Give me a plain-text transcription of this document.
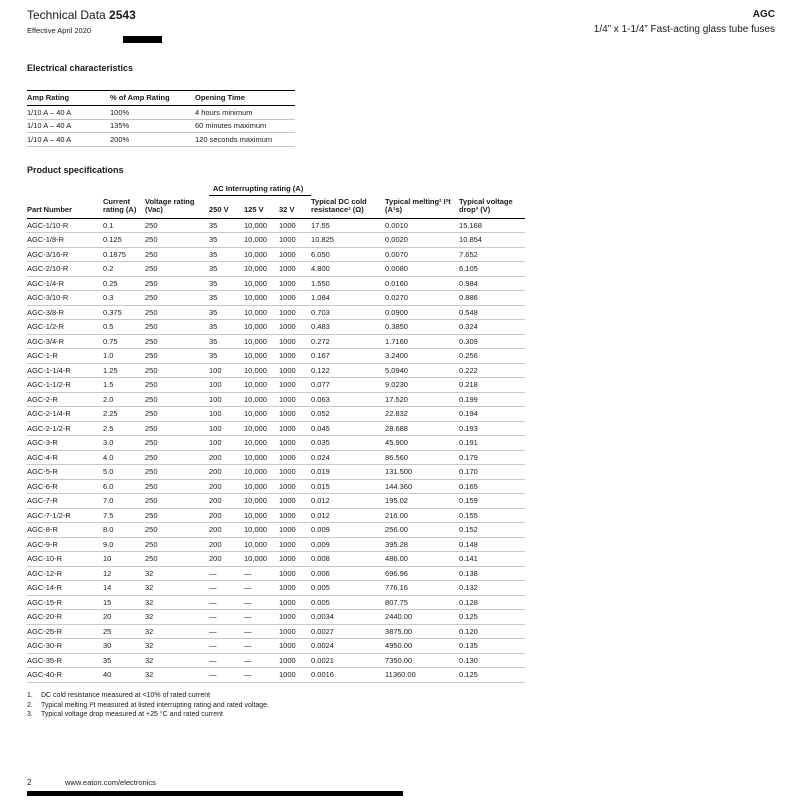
Technical Data 2543
Effective April 2020
AGC
1/4” x 1-1/4” Fast-acting glass tube fuses
Electrical characteristics
Amp Rating	% of Amp Rating	Opening Time
1/10 A – 40 A	100%	4 hours minimum
1/10 A – 40 A	135%	60 minutes maximum
1/10 A – 40 A	200%	120 seconds maximum
Product specifications
			AC Interrupting rating (A)					
Part Number	Current rating (A)	Voltage rating (Vac)	250 V	125 V	32 V	Typical DC cold resistance¹ (Ω)	Typical melting² I²t (A²s)	Typical voltage drop³ (V)
AGC-1/10-R	0.1	250	35	10,000	1000	17.55	0.0010	15.168
AGC-1/8-R	0.125	250	35	10,000	1000	10.825	0.0020	10.854
AGC-3/16-R	0.1875	250	35	10,000	1000	6.050	0.0070	7.652
AGC-2/10-R	0.2	250	35	10,000	1000	4.800	0.0080	6.105
AGC-1/4-R	0.25	250	35	10,000	1000	1.550	0.0160	0.984
AGC-3/10-R	0.3	250	35	10,000	1000	1.084	0.0270	0.886
AGC-3/8-R	0.375	250	35	10,000	1000	0.703	0.0900	0.548
AGC-1/2-R	0.5	250	35	10,000	1000	0.483	0.3850	0.324
AGC-3/4-R	0.75	250	35	10,000	1000	0.272	1.7160	0.309
AGC-1-R	1.0	250	35	10,000	1000	0.167	3.2400	0.256
AGC-1-1/4-R	1.25	250	100	10,000	1000	0.122	5.0940	0.222
AGC-1-1/2-R	1.5	250	100	10,000	1000	0.077	9.0230	0.218
AGC-2-R	2.0	250	100	10,000	1000	0.063	17.520	0.199
AGC-2-1/4-R	2.25	250	100	10,000	1000	0.052	22.832	0.194
AGC-2-1/2-R	2.5	250	100	10,000	1000	0.045	28.688	0.193
AGC-3-R	3.0	250	100	10,000	1000	0.035	45.900	0.191
AGC-4-R	4.0	250	200	10,000	1000	0.024	86.560	0.179
AGC-5-R	5.0	250	200	10,000	1000	0.019	131.500	0.170
AGC-6-R	6.0	250	200	10,000	1000	0.015	144.360	0.165
AGC-7-R	7.0	250	200	10,000	1000	0.012	195.02	0.159
AGC-7-1/2-R	7.5	250	200	10,000	1000	0.012	216.00	0.155
AGC-8-R	8.0	250	200	10,000	1000	0.009	256.00	0.152
AGC-9-R	9.0	250	200	10,000	1000	0.009	395.28	0.148
AGC-10-R	10	250	200	10,000	1000	0.008	486.00	0.141
AGC-12-R	12	32	—	—	1000	0.006	696.96	0.138
AGC-14-R	14	32	—	—	1000	0.005	776.16	0.132
AGC-15-R	15	32	—	—	1000	0.005	807.75	0.128
AGC-20-R	20	32	—	—	1000	0.0034	2440.00	0.125
AGC-25-R	25	32	—	—	1000	0.0027	3875.00	0.120
AGC-30-R	30	32	—	—	1000	0.0024	4950.00	0.135
AGC-35-R	35	32	—	—	1000	0.0021	7350.00	0.130
AGC-40-R	40	32	—	—	1000	0.0016	11360.00	0.125
1.	DC cold resistance measured at <10% of rated current
2.	Typical melting I²t measured at listed interrupting rating and rated voltage.
3.	Typical voltage drop measured at +25 °C and rated current
2	www.eaton.com/electronics
